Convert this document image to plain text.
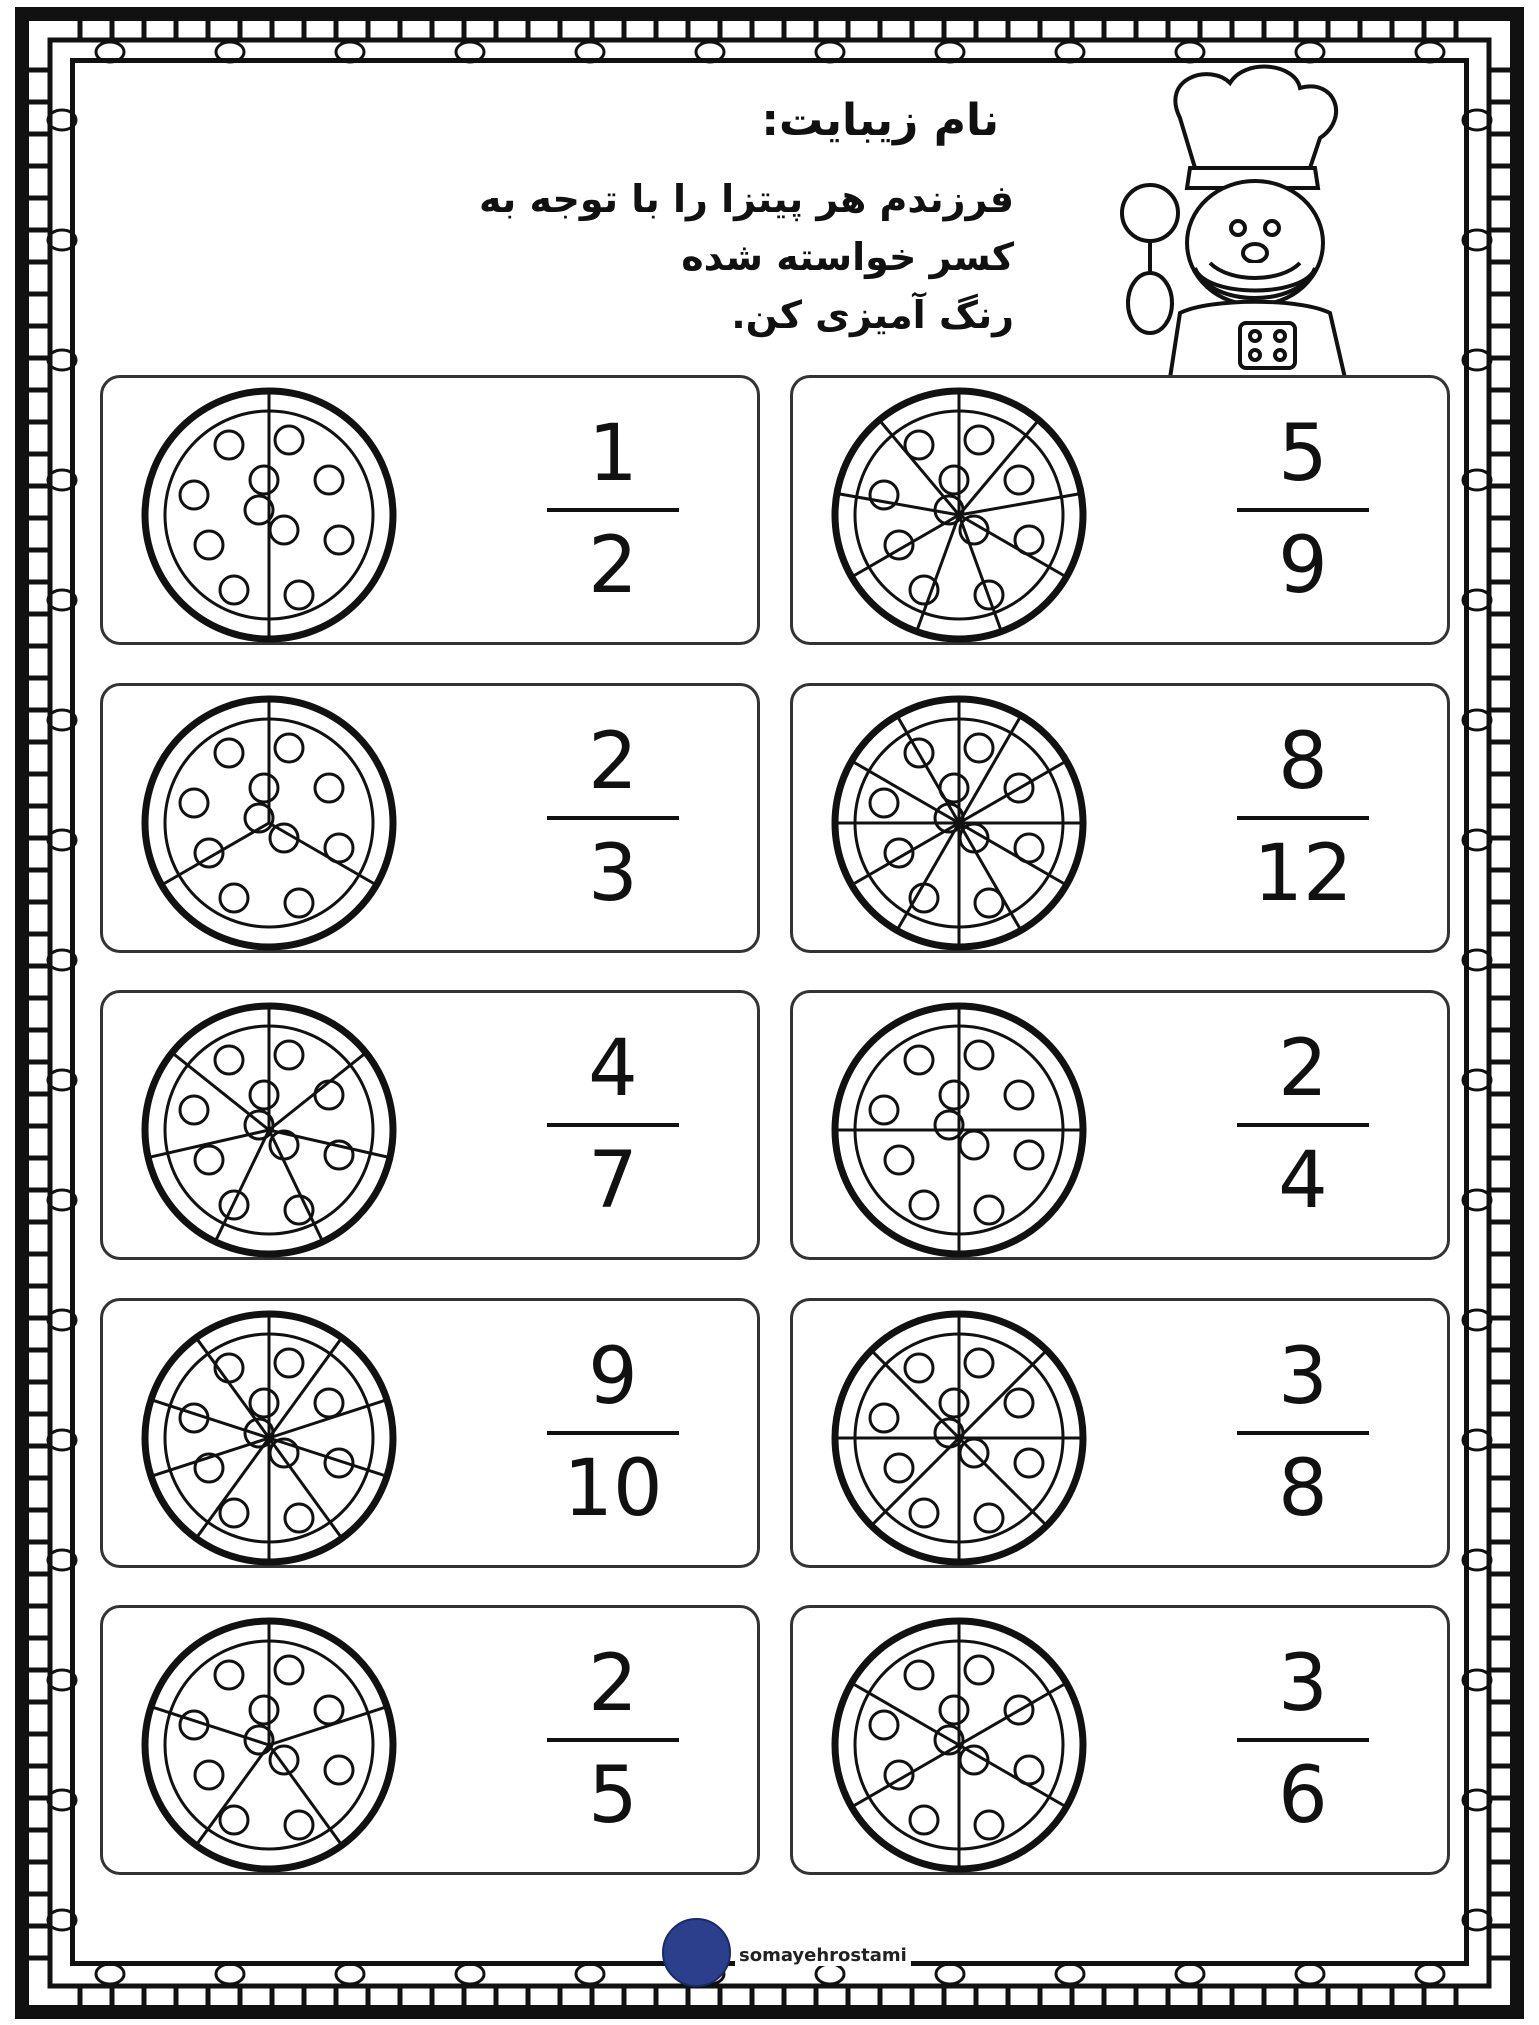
نام زیبایت:
فرزندم هر پیتزا را با توجه به
کسر خواسته شده
رنگ آمیزی کن.
1
2
5
9
2
3
8
12
4
7
2
4
9
10
3
8
2
5
3
6
somayehrostami
